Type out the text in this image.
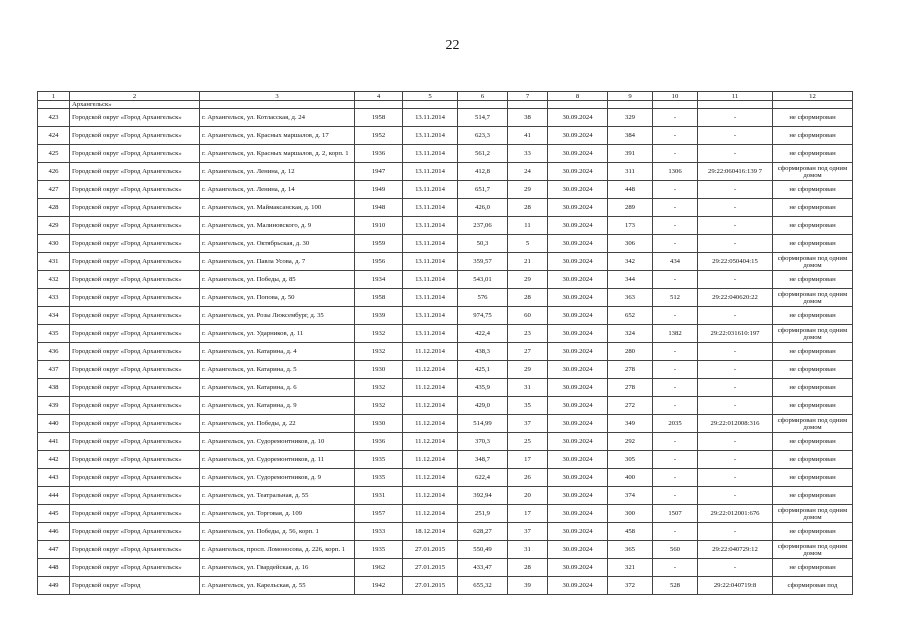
22
1	2	3	4	5	6	7	8	9	10	11	12
	Архангельск»										
423	Городской округ «Город Архангельск»	г. Архангельск, ул. Котласская, д. 24	1958	13.11.2014	514,7	38	30.09.2024	329	-	-	не сформирован
424	Городской округ «Город Архангельск»	г. Архангельск, ул. Красных маршалов, д. 17	1952	13.11.2014	623,3	41	30.09.2024	384	-	-	не сформирован
425	Городской округ «Город Архангельск»	г. Архангельск, ул. Красных маршалов, д. 2, корп. 1	1936	13.11.2014	561,2	33	30.09.2024	391	-	-	не сформирован
426	Городской округ «Город Архангельск»	г. Архангельск, ул. Ленина, д. 12	1947	13.11.2014	412,8	24	30.09.2024	311	1306	29:22:060416:139 7	сформирован под одним домом
427	Городской округ «Город Архангельск»	г. Архангельск, ул. Ленина, д. 14	1949	13.11.2014	651,7	29	30.09.2024	448	-	-	не сформирован
428	Городской округ «Город Архангельск»	г. Архангельск, ул. Маймаксанская, д. 100	1948	13.11.2014	426,0	28	30.09.2024	289	-	-	не сформирован
429	Городской округ «Город Архангельск»	г. Архангельск, ул. Малиновского, д. 9	1910	13.11.2014	237,06	11	30.09.2024	173	-	-	не сформирован
430	Городской округ «Город Архангельск»	г. Архангельск, ул. Октябрьская, д. 30	1959	13.11.2014	50,3	5	30.09.2024	306	-	-	не сформирован
431	Городской округ «Город Архангельск»	г. Архангельск, ул. Павла Усова, д. 7	1956	13.11.2014	359,57	21	30.09.2024	342	434	29:22:050404:15	сформирован под одним домом
432	Городской округ «Город Архангельск»	г. Архангельск, ул. Победы, д. 85	1934	13.11.2014	543,01	29	30.09.2024	344	-	-	не сформирован
433	Городской округ «Город Архангельск»	г. Архангельск, ул. Попова, д. 50	1958	13.11.2014	576	28	30.09.2024	363	512	29:22:040620:22	сформирован под одним домом
434	Городской округ «Город Архангельск»	г. Архангельск, ул. Розы Люксембург, д. 35	1939	13.11.2014	974,75	60	30.09.2024	652	-	-	не сформирован
435	Городской округ «Город Архангельск»	г. Архангельск, ул. Ударников, д. 11	1932	13.11.2014	422,4	23	30.09.2024	324	1382	29:22:031610:197	сформирован под одним домом
436	Городской округ «Город Архангельск»	г. Архангельск, ул. Катарина, д. 4	1932	11.12.2014	438,3	27	30.09.2024	280	-	-	не сформирован
437	Городской округ «Город Архангельск»	г. Архангельск, ул. Катарина, д. 5	1930	11.12.2014	425,1	29	30.09.2024	278	-	-	не сформирован
438	Городской округ «Город Архангельск»	г. Архангельск, ул. Катарина, д. 6	1932	11.12.2014	435,9	31	30.09.2024	278	-	-	не сформирован
439	Городской округ «Город Архангельск»	г. Архангельск, ул. Катарина, д. 9	1932	11.12.2014	429,0	35	30.09.2024	272	-	-	не сформирован
440	Городской округ «Город Архангельск»	г. Архангельск, ул. Победы, д. 22	1930	11.12.2014	514,99	37	30.09.2024	349	2035	29:22:012008:316	сформирован под одним домом
441	Городской округ «Город Архангельск»	г. Архангельск, ул. Судоремонтников, д. 10	1936	11.12.2014	370,3	25	30.09.2024	292	-	-	не сформирован
442	Городской округ «Город Архангельск»	г. Архангельск, ул. Судоремонтников, д. 11	1935	11.12.2014	348,7	17	30.09.2024	305	-	-	не сформирован
443	Городской округ «Город Архангельск»	г. Архангельск, ул. Судоремонтников, д. 9	1935	11.12.2014	622,4	26	30.09.2024	400	-	-	не сформирован
444	Городской округ «Город Архангельск»	г. Архангельск, ул. Театральная, д. 55	1931	11.12.2014	392,94	20	30.09.2024	374	-	-	не сформирован
445	Городской округ «Город Архангельск»	г. Архангельск, ул. Торговая, д. 109	1957	11.12.2014	251,9	17	30.09.2024	300	1507	29:22:012001:676	сформирован под одним домом
446	Городской округ «Город Архангельск»	г. Архангельск, ул. Победы, д. 56, корп. 1	1933	18.12.2014	628,27	37	30.09.2024	458	-	-	не сформирован
447	Городской округ «Город Архангельск»	г. Архангельск, просп. Ломоносова, д. 226, корп. 1	1935	27.01.2015	550,49	31	30.09.2024	365	560	29:22:040729:12	сформирован под одним домом
448	Городской округ «Город Архангельск»	г. Архангельск, ул. Гвардейская, д. 16	1962	27.01.2015	433,47	28	30.09.2024	321	-	-	не сформирован
449	Городской округ «Город	г. Архангельск, ул. Карельская, д. 55	1942	27.01.2015	655,32	39	30.09.2024	372	528	29:22:040719:8	сформирован под
